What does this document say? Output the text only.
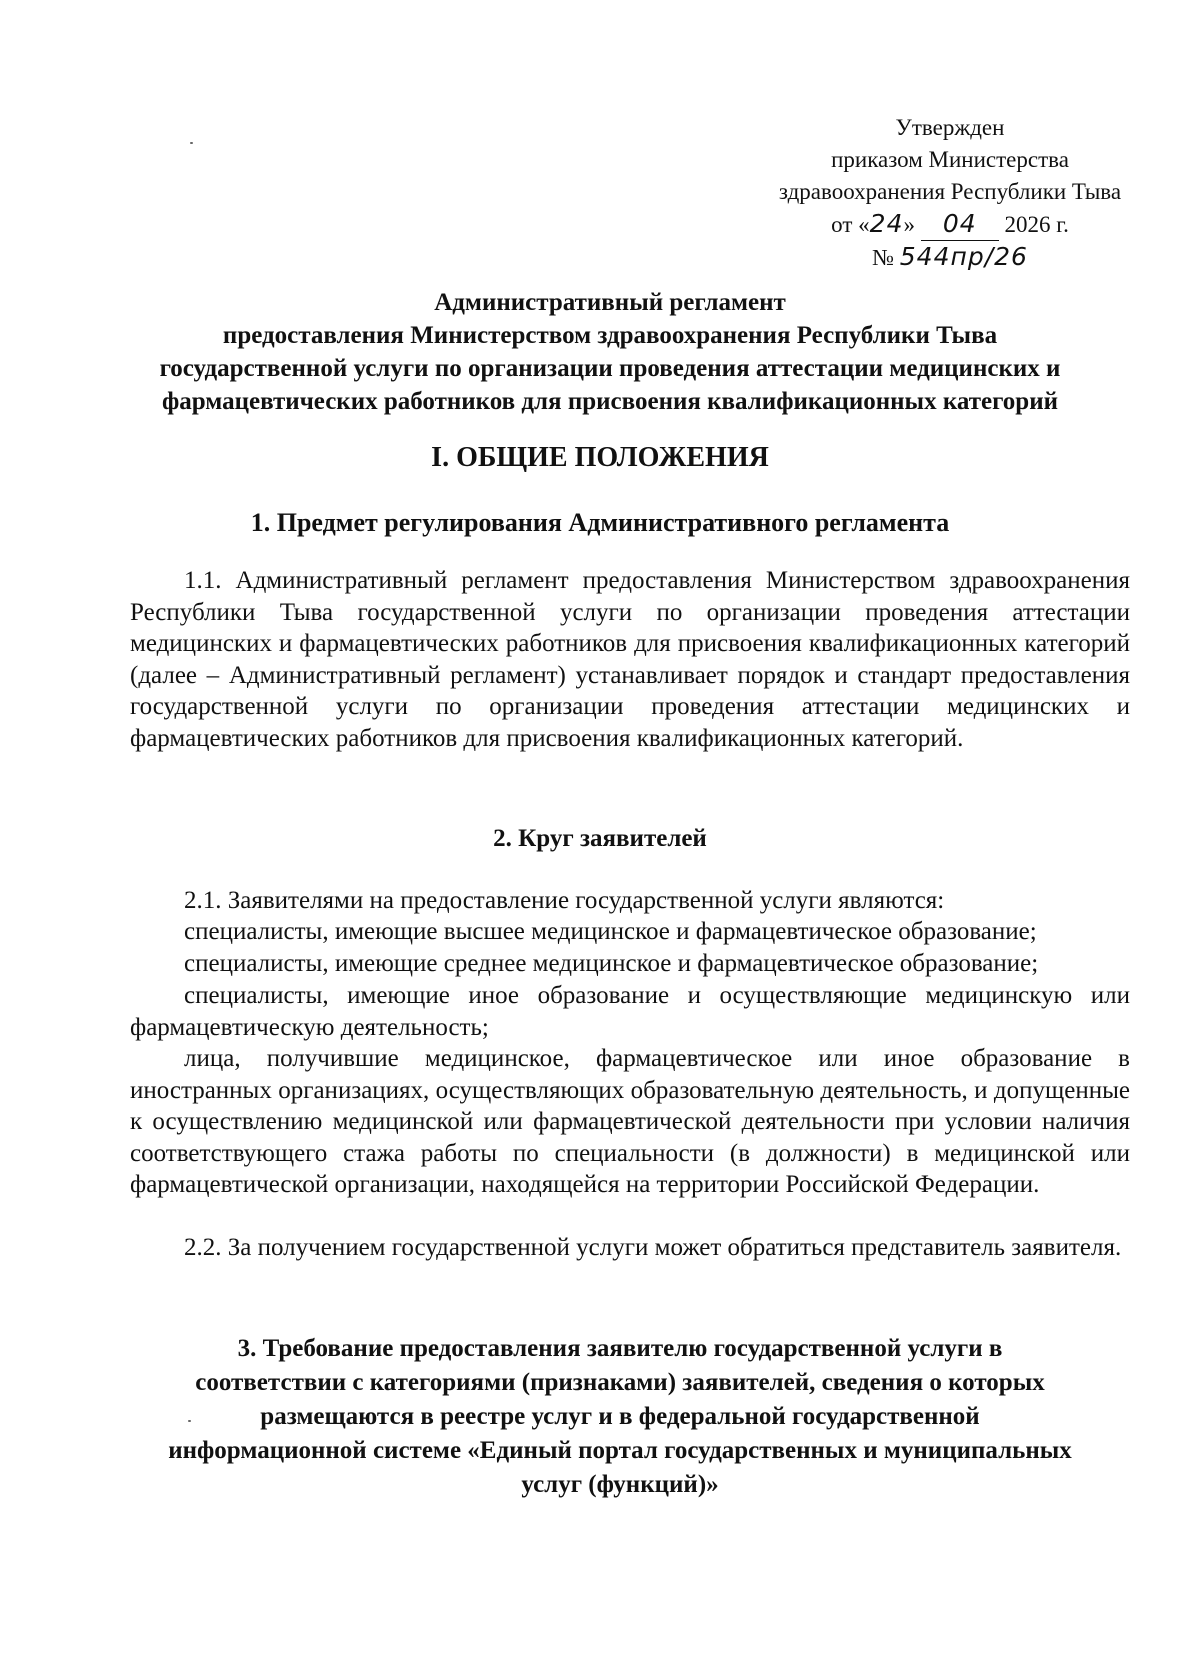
Утвержден
приказом Министерства
здравоохранения Республики Тыва
от «24» 04 2026 г. № 544пр/26
Административный регламент
предоставления Министерством здравоохранения Республики Тыва
государственной услуги по организации проведения аттестации медицинских и
фармацевтических работников для присвоения квалификационных категорий
I. ОБЩИЕ ПОЛОЖЕНИЯ
1. Предмет регулирования Административного регламента
1.1. Административный регламент предоставления Министерством здравоохранения Республики Тыва государственной услуги по организации проведения аттестации медицинских и фармацевтических работников для присвоения квалификационных категорий (далее – Административный регламент) устанавливает порядок и стандарт предоставления государственной услуги по организации проведения аттестации медицинских и фармацевтических работников для присвоения квалификационных категорий.
2. Круг заявителей
2.1. Заявителями на предоставление государственной услуги являются:
специалисты, имеющие высшее медицинское и фармацевтическое образование;
специалисты, имеющие среднее медицинское и фармацевтическое образование;
специалисты, имеющие иное образование и осуществляющие медицинскую или фармацевтическую деятельность;
лица, получившие медицинское, фармацевтическое или иное образование в иностранных организациях, осуществляющих образовательную деятельность, и допущенные к осуществлению медицинской или фармацевтической деятельности при условии наличия соответствующего стажа работы по специальности (в должности) в медицинской или фармацевтической организации, находящейся на территории Российской Федерации.
2.2. За получением государственной услуги может обратиться представитель заявителя.
3. Требование предоставления заявителю государственной услуги в
соответствии с категориями (признаками) заявителей, сведения о которых
размещаются в реестре услуг и в федеральной государственной
информационной системе «Единый портал государственных и муниципальных
услуг (функций)»
